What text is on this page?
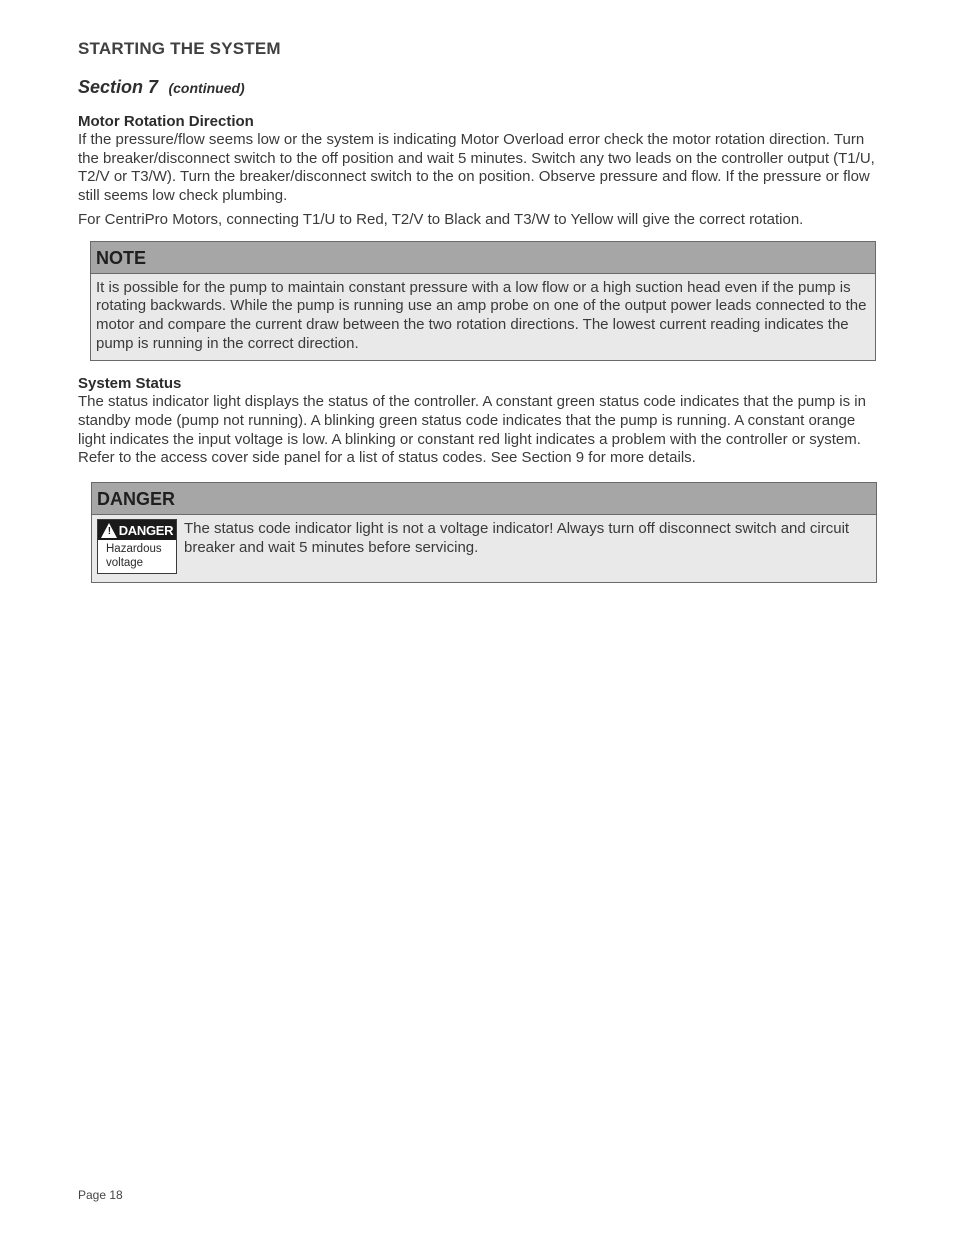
STARTING THE SYSTEM
Section 7 (continued)
Motor Rotation Direction

If the pressure/flow seems low or the system is indicating Motor Overload error check the motor rotation direction. Turn the breaker/disconnect switch to the off position and wait 5 minutes. Switch any two leads on the controller output (T1/U, T2/V or T3/W). Turn the breaker/disconnect switch to the on position. Observe pressure and flow. If the pressure or flow still seems low check plumbing.

For CentriPro Motors, connecting T1/U to Red, T2/V to Black and T3/W to Yellow will give the correct rotation.

NOTE
It is possible for the pump to maintain constant pressure with a low flow or a high suction head even if the pump is rotating backwards. While the pump is running use an amp probe on one of the output power leads connected to the motor and compare the current draw between the two rotation directions. The lowest current reading indicates the pump is running in the correct direction.
System Status

The status indicator light displays the status of the controller. A constant green status code indicates that the pump is in standby mode (pump not running). A blinking green status code indicates that the pump is running. A constant orange light indicates the input voltage is low. A blinking or constant red light indicates a problem with the controller or system. Refer to the access cover side panel for a list of status codes. See Section 9 for more details.

DANGER
! DANGER
Hazardous voltage
The status code indicator light is not a voltage indicator! Always turn off disconnect switch and circuit breaker and wait 5 minutes before servicing.
Page 18
